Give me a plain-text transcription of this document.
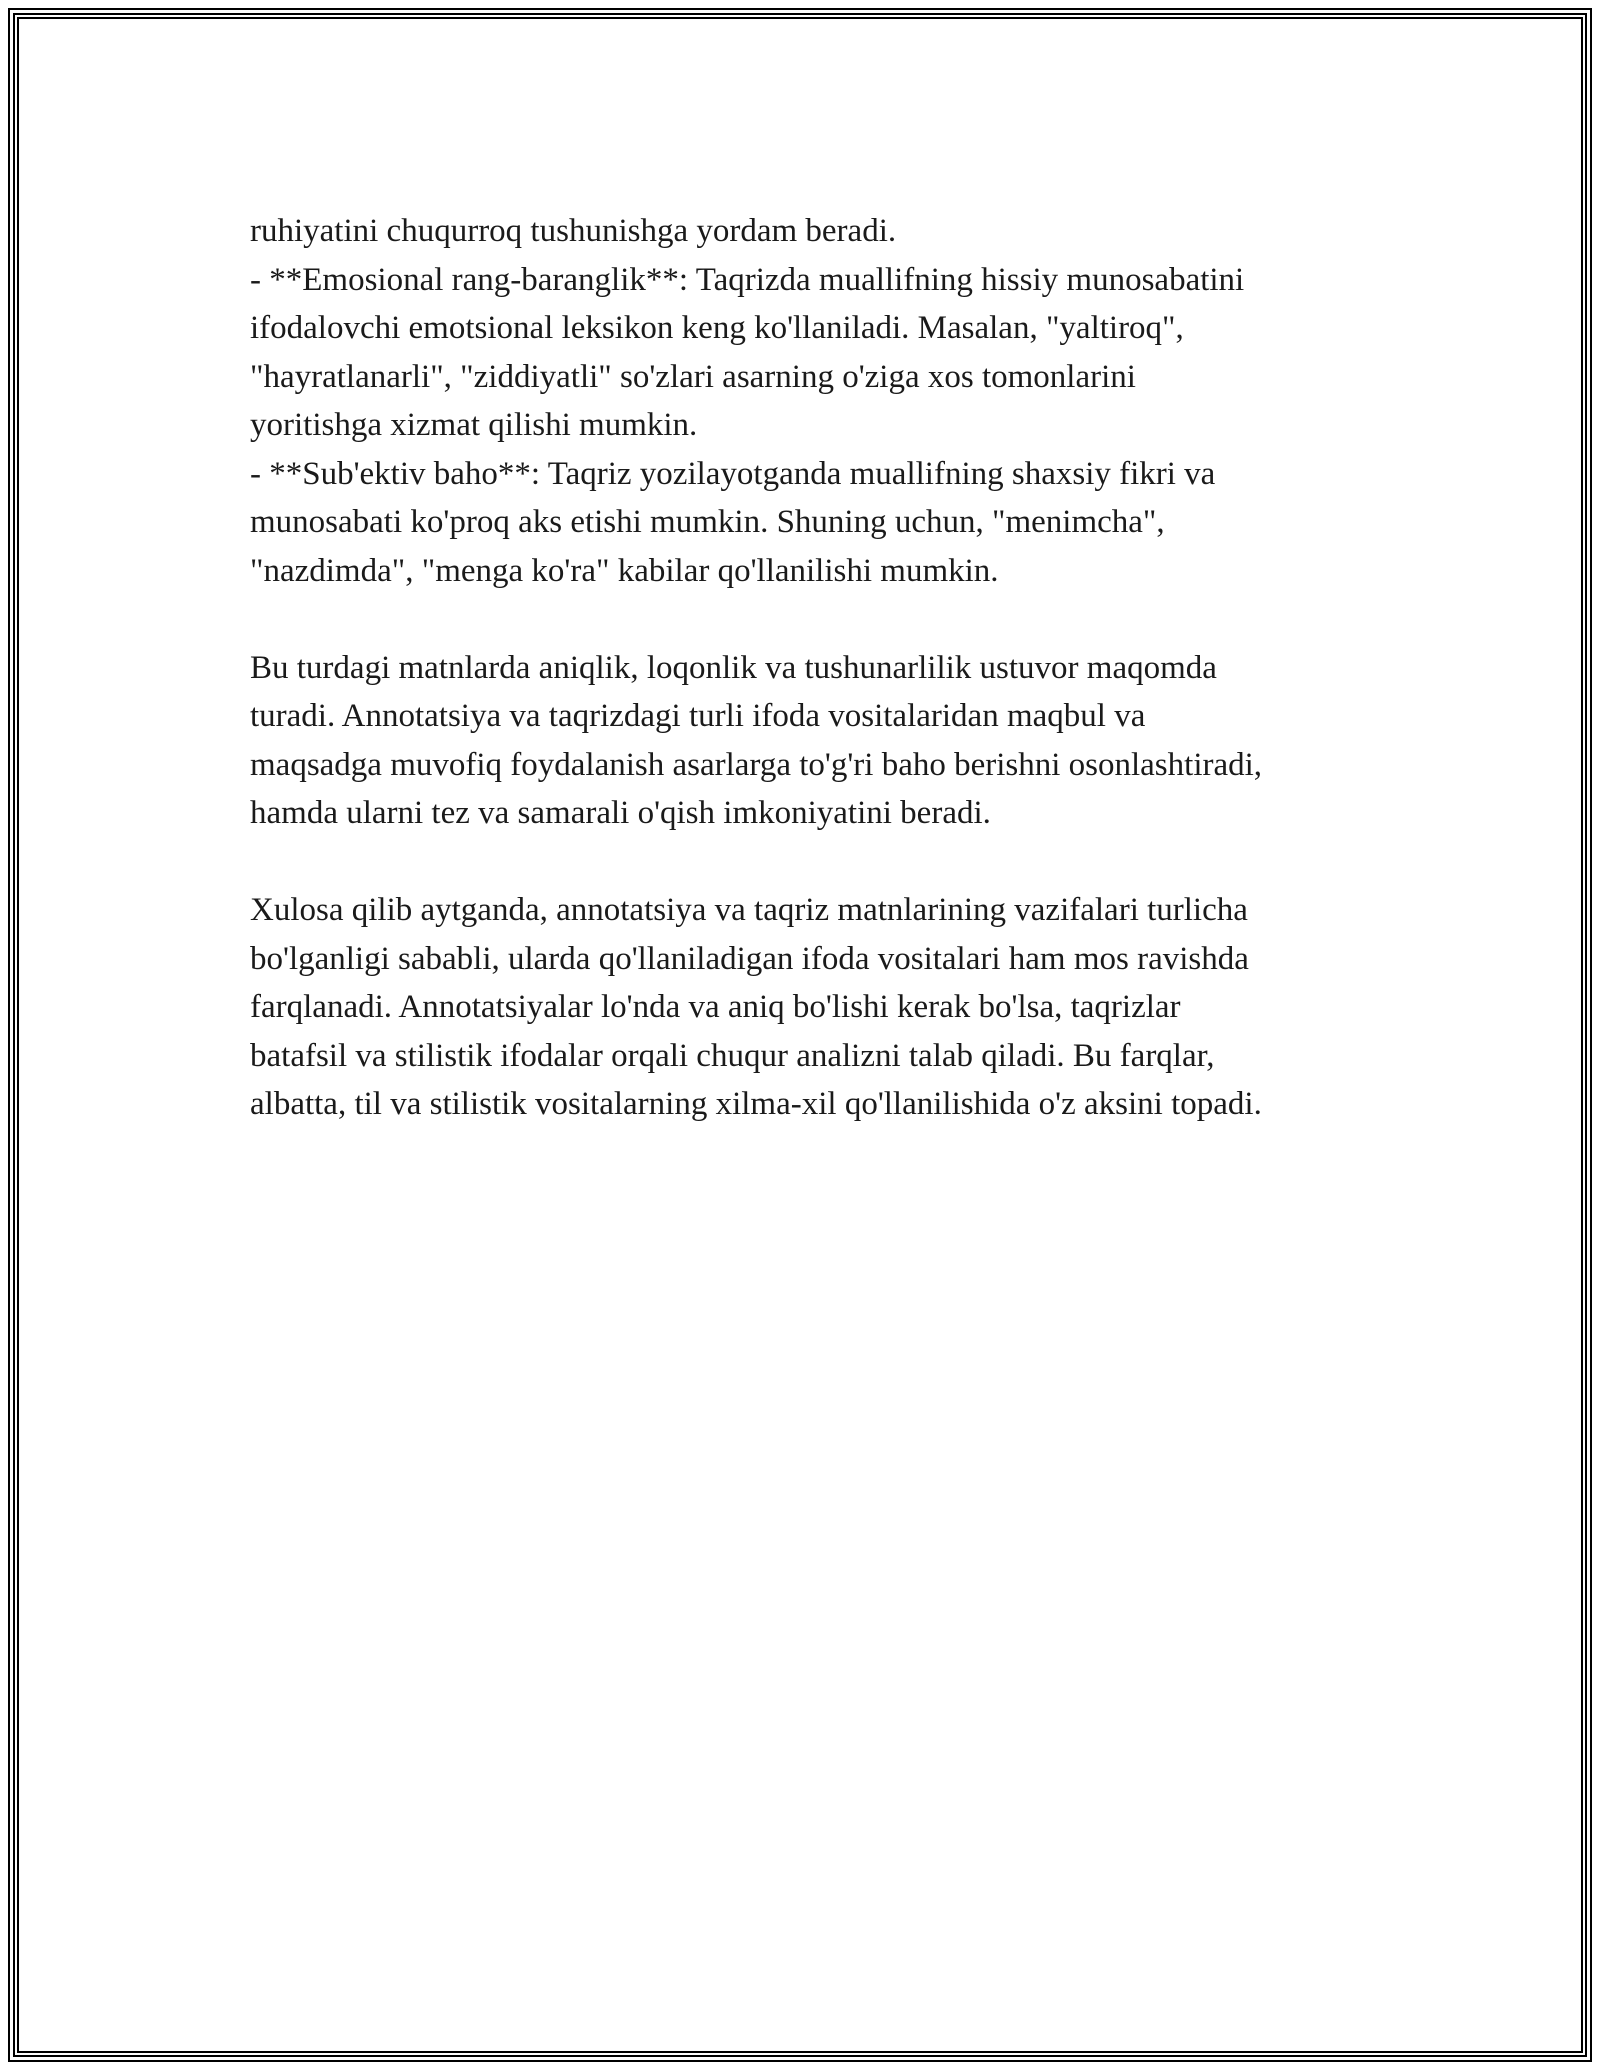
ruhiyatini chuqurroq tushunishga yordam beradi.
- **Emosional rang-baranglik**: Taqrizda muallifning hissiy munosabatini
ifodalovchi emotsional leksikon keng ko'llaniladi. Masalan, "yaltiroq",
"hayratlanarli", "ziddiyatli" so'zlari asarning o'ziga xos tomonlarini
yoritishga xizmat qilishi mumkin.
- **Sub'ektiv baho**: Taqriz yozilayotganda muallifning shaxsiy fikri va
munosabati ko'proq aks etishi mumkin. Shuning uchun, "menimcha",
"nazdimda", "menga ko'ra" kabilar qo'llanilishi mumkin.
Bu turdagi matnlarda aniqlik, loqonlik va tushunarlilik ustuvor maqomda
turadi. Annotatsiya va taqrizdagi turli ifoda vositalaridan maqbul va
maqsadga muvofiq foydalanish asarlarga to'g'ri baho berishni osonlashtiradi,
hamda ularni tez va samarali o'qish imkoniyatini beradi.
Xulosa qilib aytganda, annotatsiya va taqriz matnlarining vazifalari turlicha
bo'lganligi sababli, ularda qo'llaniladigan ifoda vositalari ham mos ravishda
farqlanadi. Annotatsiyalar lo'nda va aniq bo'lishi kerak bo'lsa, taqrizlar
batafsil va stilistik ifodalar orqali chuqur analizni talab qiladi. Bu farqlar,
albatta, til va stilistik vositalarning xilma-xil qo'llanilishida o'z aksini topadi.
